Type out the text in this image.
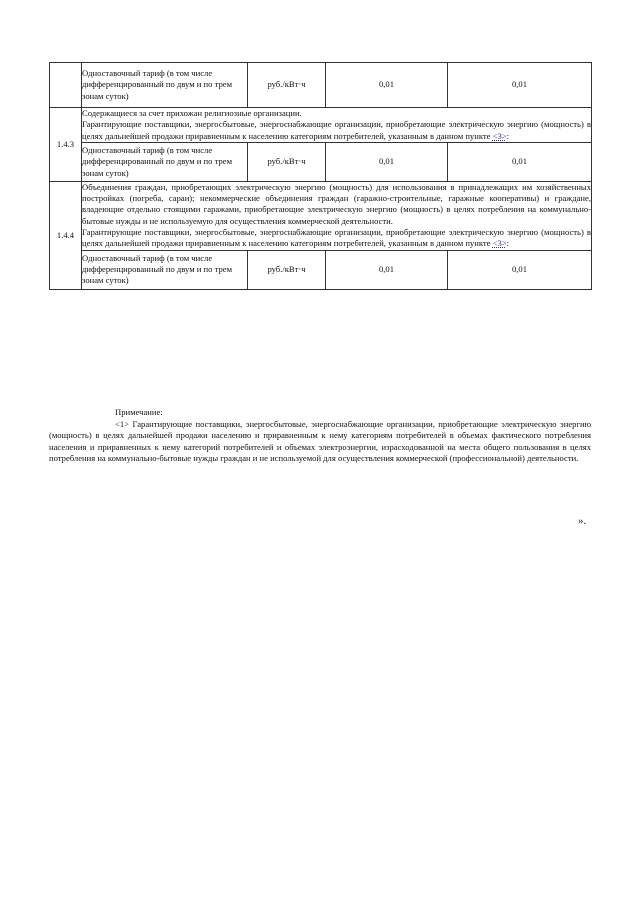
	Одноставочный тариф (в том числе дифференцированный по двум и по трем зонам суток)	руб./кВт·ч	0,01	0,01
1.4.3	Содержащиеся за счет прихожан религиозные организации.
Гарантирующие поставщики, энергосбытовые, энергоснабжающие организации, приобретающие электрическую энергию (мощность) в целях дальнейшей продажи приравненным к населению категориям потребителей, указанным в данном пункте <3>:			

	Одноставочный тариф (в том числе дифференцированный по двум и по трем зонам суток)	руб./кВт·ч	0,01	0,01
1.4.4	Объединения граждан, приобретающих электрическую энергию (мощность) для использования в принадлежащих им хозяйственных постройках (погреба, сараи); некоммерческие объединения граждан (гаражно-строительные, гаражные кооперативы) и граждане, владеющие отдельно стоящими гаражами, приобретающие электрическую энергию (мощность) в целях потребления на коммунально-бытовые нужды и не используемую для осуществления коммерческой деятельности.
Гарантирующие поставщики, энергосбытовые, энергоснабжающие организации, приобретающие электрическую энергию (мощность) в целях дальнейшей продажи приравненным к населению категориям потребителей, указанным в данном пункте <3>:			

	Одноставочный тариф (в том числе дифференцированный по двум и по трем зонам суток)	руб./кВт·ч	0,01	0,01
Примечание:

<1> Гарантирующие поставщики, энергосбытовые, энергоснабжающие организации, приобретающие электрическую энергию (мощность) в целях дальнейшей продажи населению и приравненным к нему категориям потребителей в объемах фактического потребления населения и приравненных к нему категорий потребителей и объемах электроэнергии, израсходованной на места общего пользования в целях потребления на коммунально-бытовые нужды граждан и не используемой для осуществления коммерческой (профессиональной) деятельности.

».
